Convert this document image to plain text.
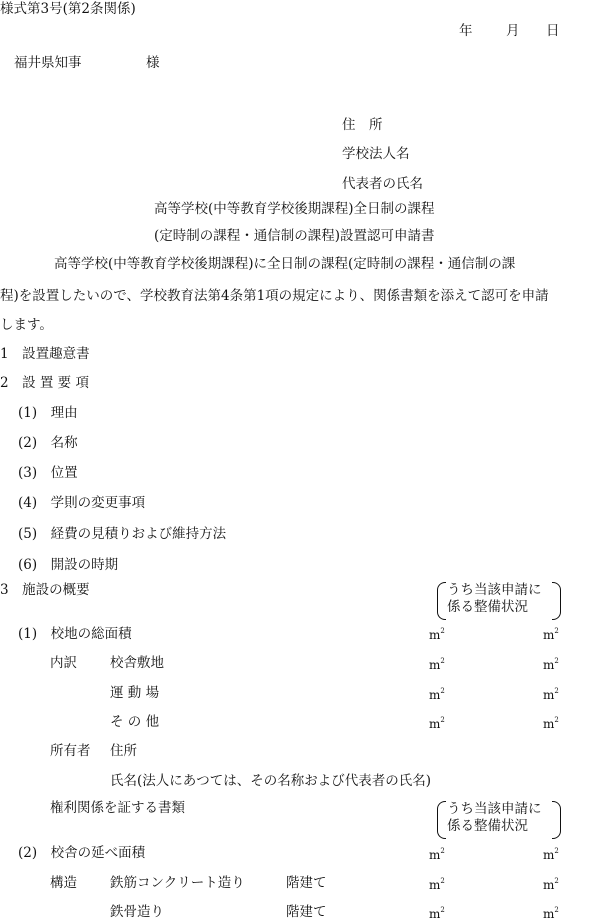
様式第3号(第2条関係)
年 月 日
福井県知事	様
住　所
学校法人名
代表者の氏名
高等学校(中等教育学校後期課程)全日制の課程
(定時制の課程・通信制の課程)設置認可申請書
　　　　高等学校(中等教育学校後期課程)に全日制の課程(定時制の課程・通信制の課
程)を設置したいので、学校教育法第4条第1項の規定により、関係書類を添えて認可を申請
します。
1　設置趣意書
2　設 置 要 項
(1)　理由
(2)　名称
(3)　位置
(4)　学則の変更事項
(5)　経費の見積りおよび維持方法
(6)　開設の時期
3　施設の概要	うち当該申請に
係る整備状況
(1)　校地の総面積	$m^2$	$m^2$
内訳 校舎敷地	$m^2$	$m^2$
運 動 場	$m^2$	$m^2$
そ の 他	$m^2$	$m^2$
所有者 住所
氏名(法人にあつては、その名称および代表者の氏名)
権利関係を証する書類	うち当該申請に
係る整備状況
(2)　校舎の延べ面積	$m^2$	$m^2$
構造 鉄筋コンクリート造り	階建て	$m^2$	$m^2$
鉄骨造り	階建て	$m^2$	$m^2$
